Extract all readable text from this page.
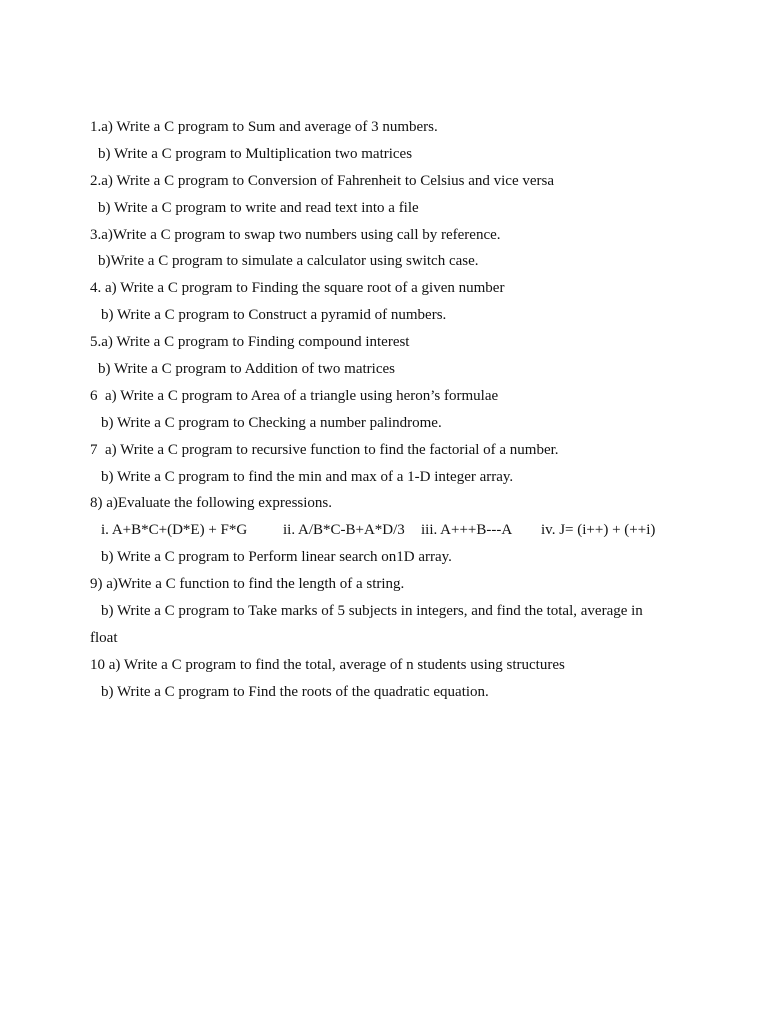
1.a) Write a C program to Sum and average of 3 numbers.
b) Write a C program to Multiplication two matrices
2.a) Write a C program to Conversion of Fahrenheit to Celsius and vice versa
b) Write a C program to write and read text into a file
3.a)Write a C program to swap two numbers using call by reference.
b)Write a C program to simulate a calculator using switch case.
4. a) Write a C program to Finding the square root of a given number
b) Write a C program to Construct a pyramid of numbers.
5.a) Write a C program to Finding compound interest
b) Write a C program to Addition of two matrices
6  a) Write a C program to Area of a triangle using heron’s formulae
b) Write a C program to Checking a number palindrome.
7  a) Write a C program to recursive function to find the factorial of a number.
b) Write a C program to find the min and max of a 1-D integer array.
8) a)Evaluate the following expressions.
i. A+B*C+(D*E) + F*G ii. A/B*C-B+A*D/3 iii. A+++B---A iv. J= (i++) + (++i)
b) Write a C program to Perform linear search on1D array.
9) a)Write a C function to find the length of a string.
b) Write a C program to Take marks of 5 subjects in integers, and find the total, average in
float
10 a) Write a C program to find the total, average of n students using structures
b) Write a C program to Find the roots of the quadratic equation.
